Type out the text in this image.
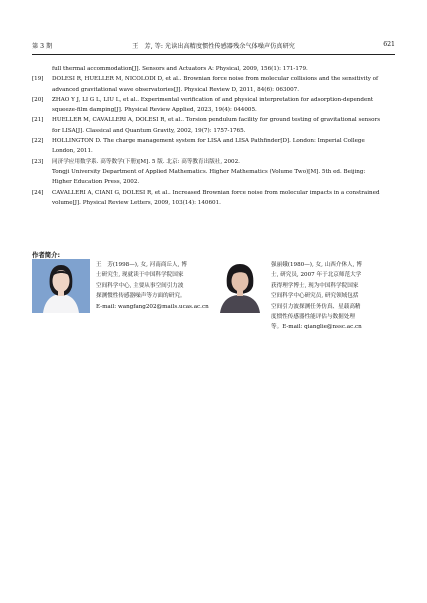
第 3 期	王　芳, 等: 光读出高精度惯性传感器残余气体噪声仿真研究	621
full thermal accommodation[J]. Sensors and Actuators A: Physical, 2009, 156(1): 171-179.
[19] DOLESI R, HUELLER M, NICOLODI D, et al.. Brownian force noise from molecular collisions and the sensitivity of
advanced gravitational wave observatories[J]. Physical Review D, 2011, 84(6): 063007.
[20] ZHAO Y J, LI G L, LIU L, et al.. Experimental verification of and physical interpretation for adsorption-dependent
squeeze-film damping[J]. Physical Review Applied, 2023, 19(4): 044005.
[21] HUELLER M, CAVALLERI A, DOLESI R, et al.. Torsion pendulum facility for ground testing of gravitational sensors
for LISA[J]. Classical and Quantum Gravity, 2002, 19(7): 1757-1765.
[22] HOLLINGTON D. The charge management system for LISA and LISA Pathfinder[D]. London: Imperial College
London, 2011.
[23] 同济学应用数学系. 高等数学(下册)[M]. 5 版. 北京: 高等教育出版社, 2002.
Tongji University Department of Applied Mathematics. Higher Mathematics (Volume Two)[M]. 5th ed. Beijing:
Higher Education Press, 2002.
[24] CAVALLERI A, CIANI G, DOLESI R, et al.. Increased Brownian force noise from molecular impacts in a constrained
volume[J]. Physical Review Letters, 2009, 103(14): 140601.
作者简介:
王　芳(1998—), 女, 河南商丘人, 博
士研究生, 现就读于中国科学院国家
空间科学中心, 主要从事空间引力波
探测惯性传感器噪声等方面的研究。
E-mail: wangfang202@mails.ucas.ac.cn
强丽娥(1980—), 女, 山西介休人, 博
士, 研究员, 2007 年于北京师范大学
获得理学博士, 现为中国科学院国家
空间科学中心研究员, 研究领域包括
空间引力波探测任务仿真、星载高精
度惯性传感器性能评估与数据处理
等。E-mail: qianglie@nssc.ac.cn
